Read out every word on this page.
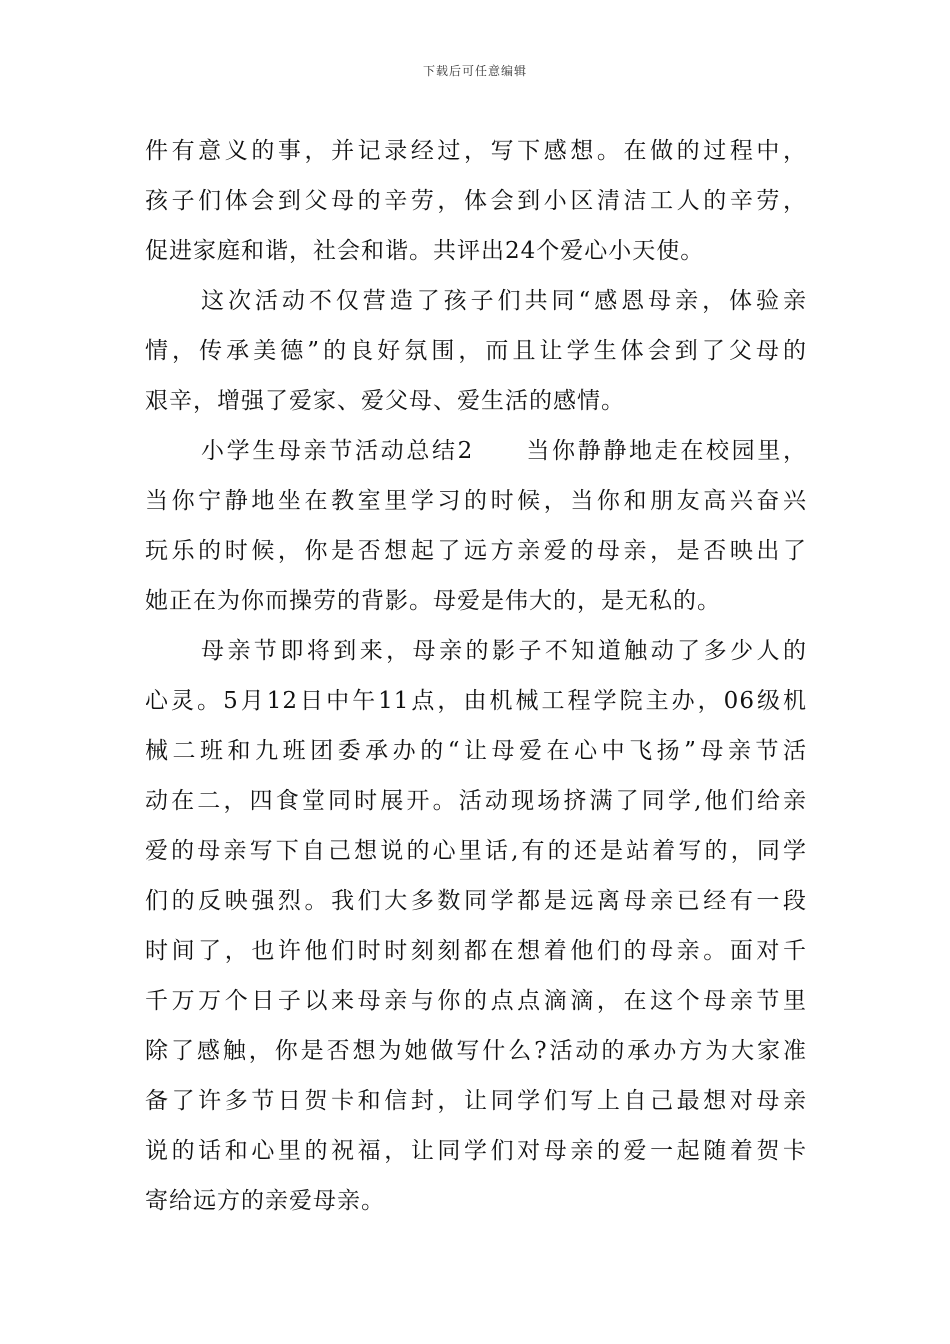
下载后可任意编辑
件有意义的事，并记录经过，写下感想。在做的过程中，
孩子们体会到父母的辛劳，体会到小区清洁工人的辛劳，
促进家庭和谐，社会和谐。共评出24个爱心小天使。
这次活动不仅营造了孩子们共同“感恩母亲，体验亲
情，传承美德”的良好氛围，而且让学生体会到了父母的
艰辛，增强了爱家、爱父母、爱生活的感情。
小学生母亲节活动总结2　　当你静静地走在校园里，
当你宁静地坐在教室里学习的时候，当你和朋友高兴奋兴
玩乐的时候，你是否想起了远方亲爱的母亲，是否映出了
她正在为你而操劳的背影。母爱是伟大的，是无私的。
母亲节即将到来，母亲的影子不知道触动了多少人的
心灵。5月12日中午11点，由机械工程学院主办，06级机
械二班和九班团委承办的“让母爱在心中飞扬”母亲节活
动在二，四食堂同时展开。活动现场挤满了同学,他们给亲
爱的母亲写下自己想说的心里话,有的还是站着写的，同学
们的反映强烈。我们大多数同学都是远离母亲已经有一段
时间了，也许他们时时刻刻都在想着他们的母亲。面对千
千万万个日子以来母亲与你的点点滴滴，在这个母亲节里
除了感触，你是否想为她做写什么?活动的承办方为大家准
备了许多节日贺卡和信封，让同学们写上自己最想对母亲
说的话和心里的祝福，让同学们对母亲的爱一起随着贺卡
寄给远方的亲爱母亲。
